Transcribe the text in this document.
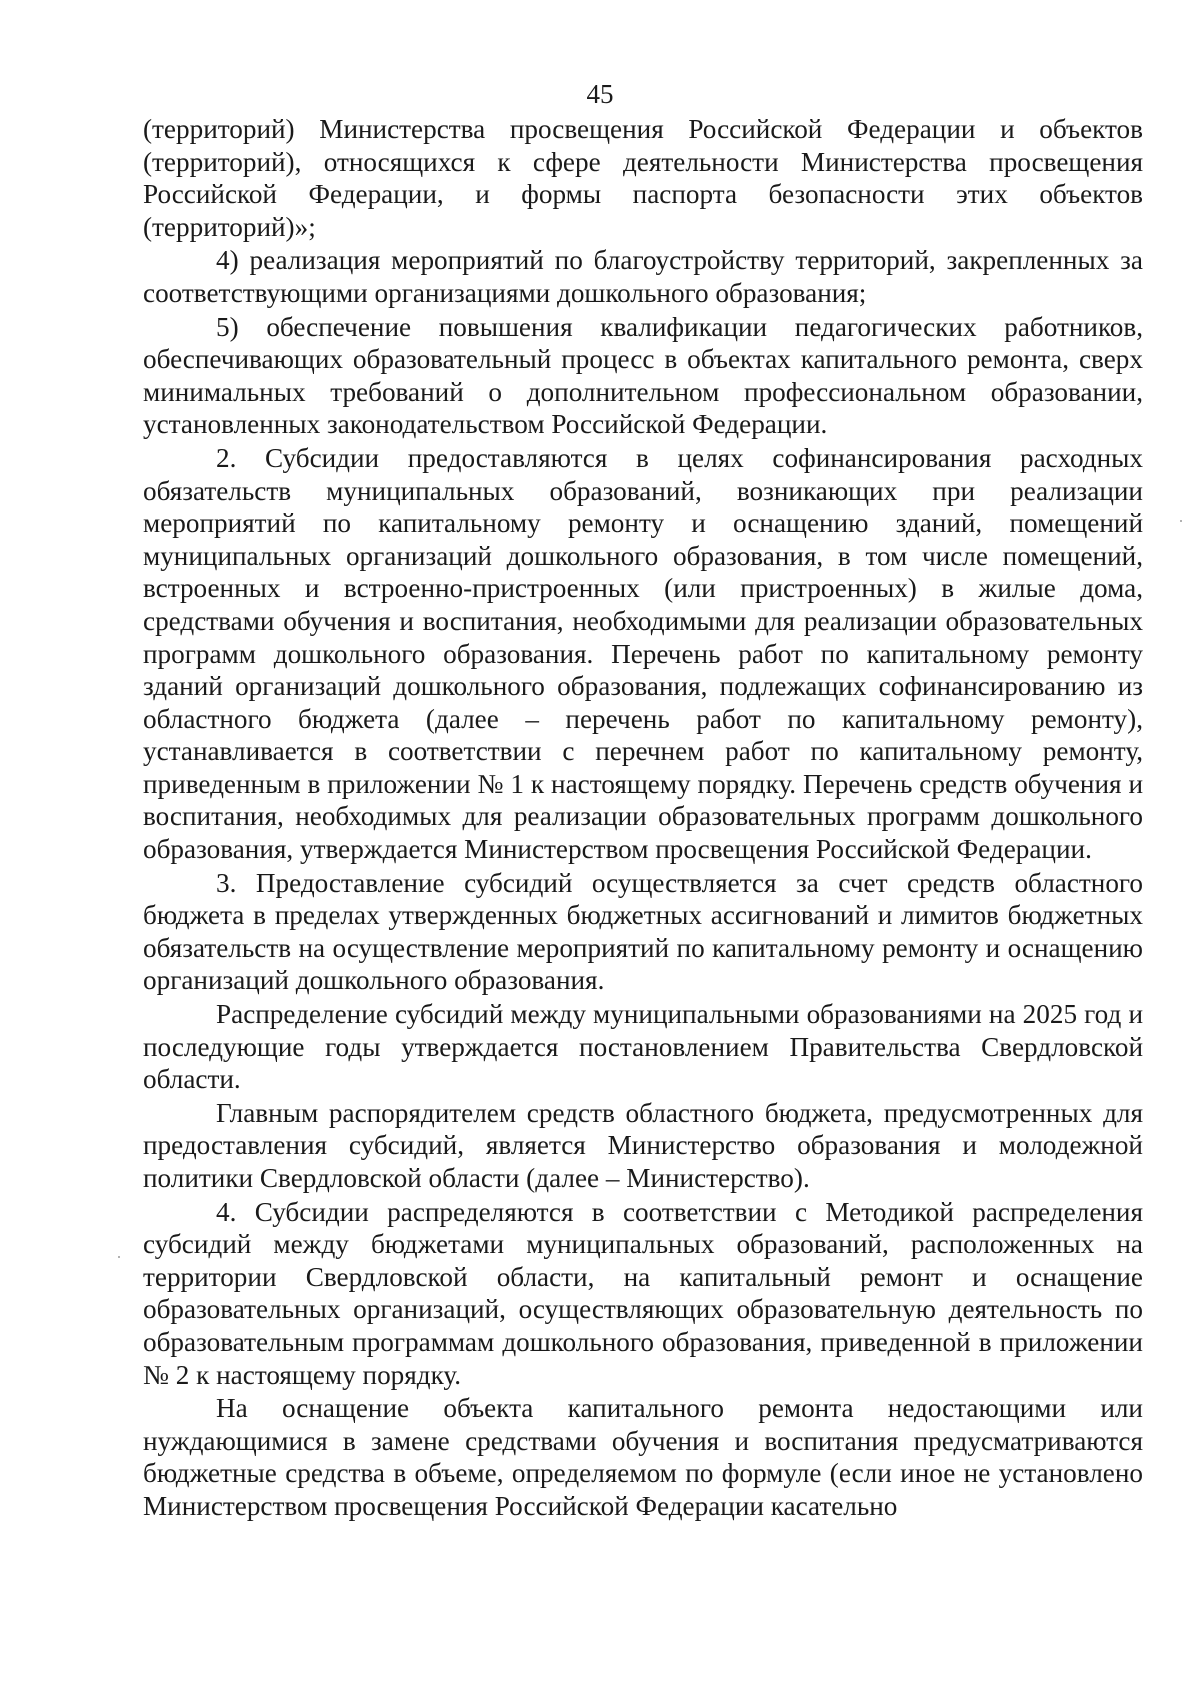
45

(территорий) Министерства просвещения Российской Федерации и объектов (территорий), относящихся к сфере деятельности Министерства просвещения Российской Федерации, и формы паспорта безопасности этих объектов (территорий)»;

4) реализация мероприятий по благоустройству территорий, закрепленных за соответствующими организациями дошкольного образования;

5) обеспечение повышения квалификации педагогических работников, обеспечивающих образовательный процесс в объектах капитального ремонта, сверх минимальных требований о дополнительном профессиональном образовании, установленных законодательством Российской Федерации.

2. Субсидии предоставляются в целях софинансирования расходных обязательств муниципальных образований, возникающих при реализации мероприятий по капитальному ремонту и оснащению зданий, помещений муниципальных организаций дошкольного образования, в том числе помещений, встроенных и встроенно-пристроенных (или пристроенных) в жилые дома, средствами обучения и воспитания, необходимыми для реализации образовательных программ дошкольного образования. Перечень работ по капитальному ремонту зданий организаций дошкольного образования, подлежащих софинансированию из областного бюджета (далее – перечень работ по капитальному ремонту), устанавливается в соответствии с перечнем работ по капитальному ремонту, приведенным в приложении № 1 к настоящему порядку. Перечень средств обучения и воспитания, необходимых для реализации образовательных программ дошкольного образования, утверждается Министерством просвещения Российской Федерации.

3. Предоставление субсидий осуществляется за счет средств областного бюджета в пределах утвержденных бюджетных ассигнований и лимитов бюджетных обязательств на осуществление мероприятий по капитальному ремонту и оснащению организаций дошкольного образования.

Распределение субсидий между муниципальными образованиями на 2025 год и последующие годы утверждается постановлением Правительства Свердловской области.

Главным распорядителем средств областного бюджета, предусмотренных для предоставления субсидий, является Министерство образования и молодежной политики Свердловской области (далее – Министерство).

4. Субсидии распределяются в соответствии с Методикой распределения субсидий между бюджетами муниципальных образований, расположенных на территории Свердловской области, на капитальный ремонт и оснащение образовательных организаций, осуществляющих образовательную деятельность по образовательным программам дошкольного образования, приведенной в приложении № 2 к настоящему порядку.

На оснащение объекта капитального ремонта недостающими или нуждающимися в замене средствами обучения и воспитания предусматриваются бюджетные средства в объеме, определяемом по формуле (если иное не установлено Министерством просвещения Российской Федерации касательно
